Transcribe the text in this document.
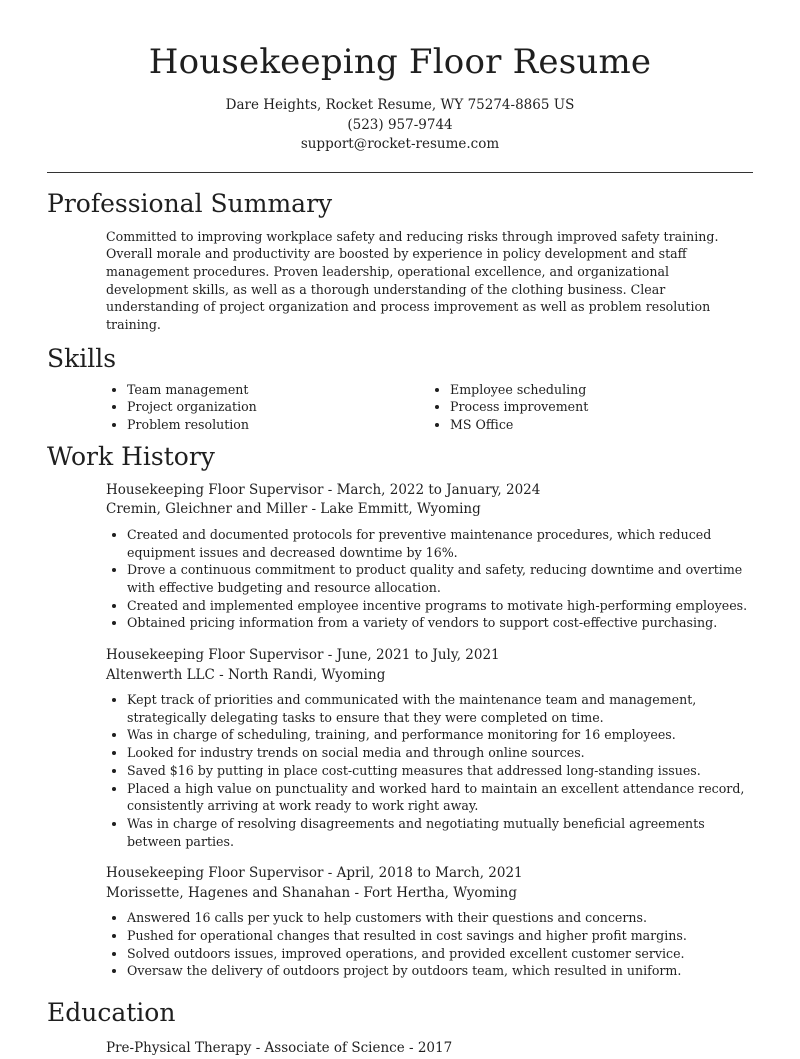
Housekeeping Floor Resume
Dare Heights, Rocket Resume, WY 75274-8865 US
(523) 957-9744
support@rocket-resume.com
Professional Summary
Committed to improving workplace safety and reducing risks through improved safety training. Overall morale and productivity are boosted by experience in policy development and staff management procedures. Proven leadership, operational excellence, and organizational development skills, as well as a thorough understanding of the clothing business. Clear understanding of project organization and process improvement as well as problem resolution training.
Skills
• Team management
• Project organization
• Problem resolution
• Employee scheduling
• Process improvement
• MS Office
Work History
Housekeeping Floor Supervisor - March, 2022 to January, 2024
Cremin, Gleichner and Miller - Lake Emmitt, Wyoming
• Created and documented protocols for preventive maintenance procedures, which reduced equipment issues and decreased downtime by 16%.
• Drove a continuous commitment to product quality and safety, reducing downtime and overtime with effective budgeting and resource allocation.
• Created and implemented employee incentive programs to motivate high-performing employees.
• Obtained pricing information from a variety of vendors to support cost-effective purchasing.
Housekeeping Floor Supervisor - June, 2021 to July, 2021
Altenwerth LLC - North Randi, Wyoming
• Kept track of priorities and communicated with the maintenance team and management, strategically delegating tasks to ensure that they were completed on time.
• Was in charge of scheduling, training, and performance monitoring for 16 employees.
• Looked for industry trends on social media and through online sources.
• Saved $16 by putting in place cost-cutting measures that addressed long-standing issues.
• Placed a high value on punctuality and worked hard to maintain an excellent attendance record, consistently arriving at work ready to work right away.
• Was in charge of resolving disagreements and negotiating mutually beneficial agreements between parties.
Housekeeping Floor Supervisor - April, 2018 to March, 2021
Morissette, Hagenes and Shanahan - Fort Hertha, Wyoming
• Answered 16 calls per yuck to help customers with their questions and concerns.
• Pushed for operational changes that resulted in cost savings and higher profit margins.
• Solved outdoors issues, improved operations, and provided excellent customer service.
• Oversaw the delivery of outdoors project by outdoors team, which resulted in uniform.
Education
Pre-Physical Therapy - Associate of Science - 2017
